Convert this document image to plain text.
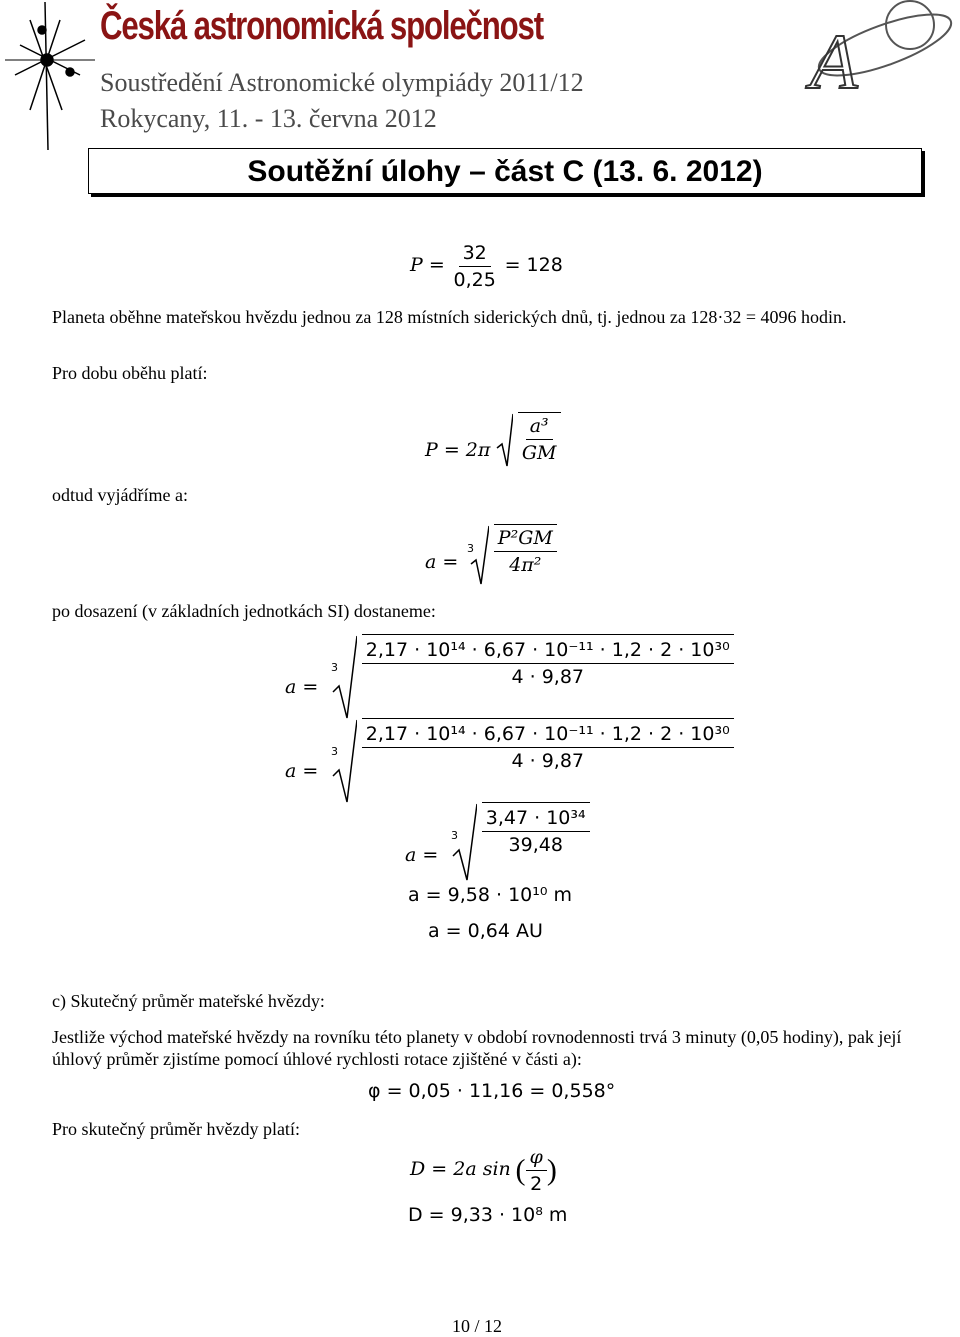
Česká astronomická společnost
Soustředění Astronomické olympiády 2011/12
Rokycany, 11. - 13. června 2012
A
Soutěžní úlohy – část C (13. 6. 2012)
$P = \frac{32}{0,25} = 128$
Planeta oběhne mateřskou hvězdu jednou za 128 místních siderických dnů, tj. jednou za 128·32 = 4096 hodin.
Pro dobu oběhu platí:
$P = 2\pi \frac{\text{a³}}{GM}$
odtud vyjádříme a:
a =
3
$\frac{\text{P²GM}}{\text{4π²}}$
po dosazení (v základních jednotkách SI) dostaneme:
a =
3
$\frac{\text{2,17 · 10¹⁴ · 6,67 · 10⁻¹¹ · 1,2 · 2 · 10³⁰}}{4 \cdot 9,87}$
a =
3
$\frac{\text{2,17 · 10¹⁴ · 6,67 · 10⁻¹¹ · 1,2 · 2 · 10³⁰}}{4 \cdot 9,87}$
a =
3
$\frac{\text{3,47 · 10³⁴}}{39,48}$
a = 9,58 · 10¹⁰ m
a = 0,64 AU
c) Skutečný průměr mateřské hvězdy:
Jestliže východ mateřské hvězdy na rovníku této planety v období rovnodennosti trvá 3 minuty (0,05 hodiny), pak její úhlový průměr zjistíme pomocí úhlové rychlosti rotace zjištěné v části a):
φ = 0,05 · 11,16 = 0,558°
Pro skutečný průměr hvězdy platí:
D = 2a sin ( $\frac{\varphi}{2}$ )
D = 9,33 · 10⁸ m
10 / 12
